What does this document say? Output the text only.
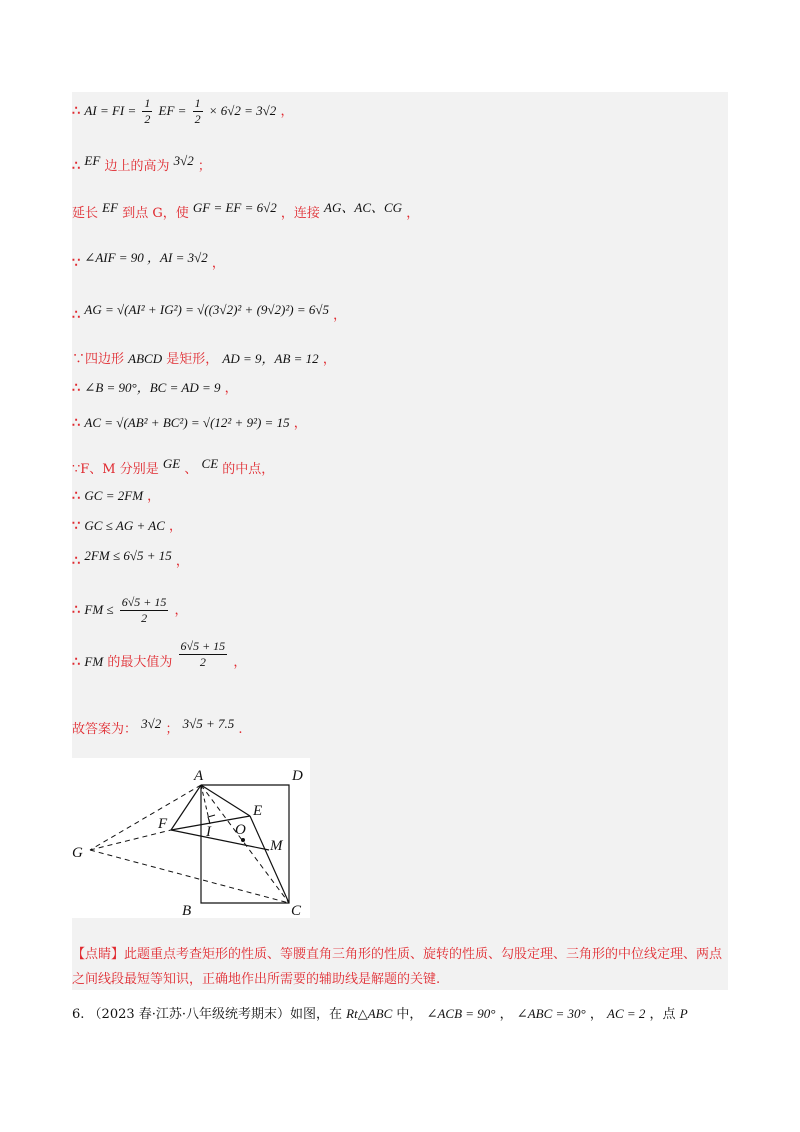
∴ AI = FI = $\frac{1}{2}$ EF = $\frac{1}{2} \times 6√2 = 3√2$ ，
∴ EF 边上的高为 3√2 ；
延长 EF 到点 G，使 GF = EF = 6√2 ，连接 AG、AC、CG ，
∵ ∠AIF = 90 ，AI = 3√2 ，
∴ AG = √(AI² + IG²) = √((3√2)² + (9√2)²) = 6√5 ，
∵四边形 ABCD 是矩形， AD = 9，AB = 12 ，
∴ ∠B = 90°，BC = AD = 9 ，
∴ AC = √(AB² + BC²) = √(12² + 9²) = 15 ，
∵F、M 分别是 GE 、 CE 的中点，
∴ GC = 2FM ，
∵ GC ≤ AG + AC ，
∴ 2FM ≤ 6√5 + 15 ，
∴ FM ≤ $\frac{6√5 + 15}{2}$ ，
∴ FM 的最大值为 $\frac{6√5 + 15}{2}$ ，
故答案为： 3√2 ； 3√5 + 7.5 .
A	D
E
F	I O
M
G
B	C
【点睛】此题重点考查矩形的性质、等腰直角三角形的性质、旋转的性质、勾股定理、三角形的中位线定理、两点之间线段最短等知识，正确地作出所需要的辅助线是解题的关键.
6. （2023 春·江苏·八年级统考期末）如图，在 Rt△ABC 中， ∠ACB = 90° ， ∠ABC = 30° ， AC = 2 ，点 P
